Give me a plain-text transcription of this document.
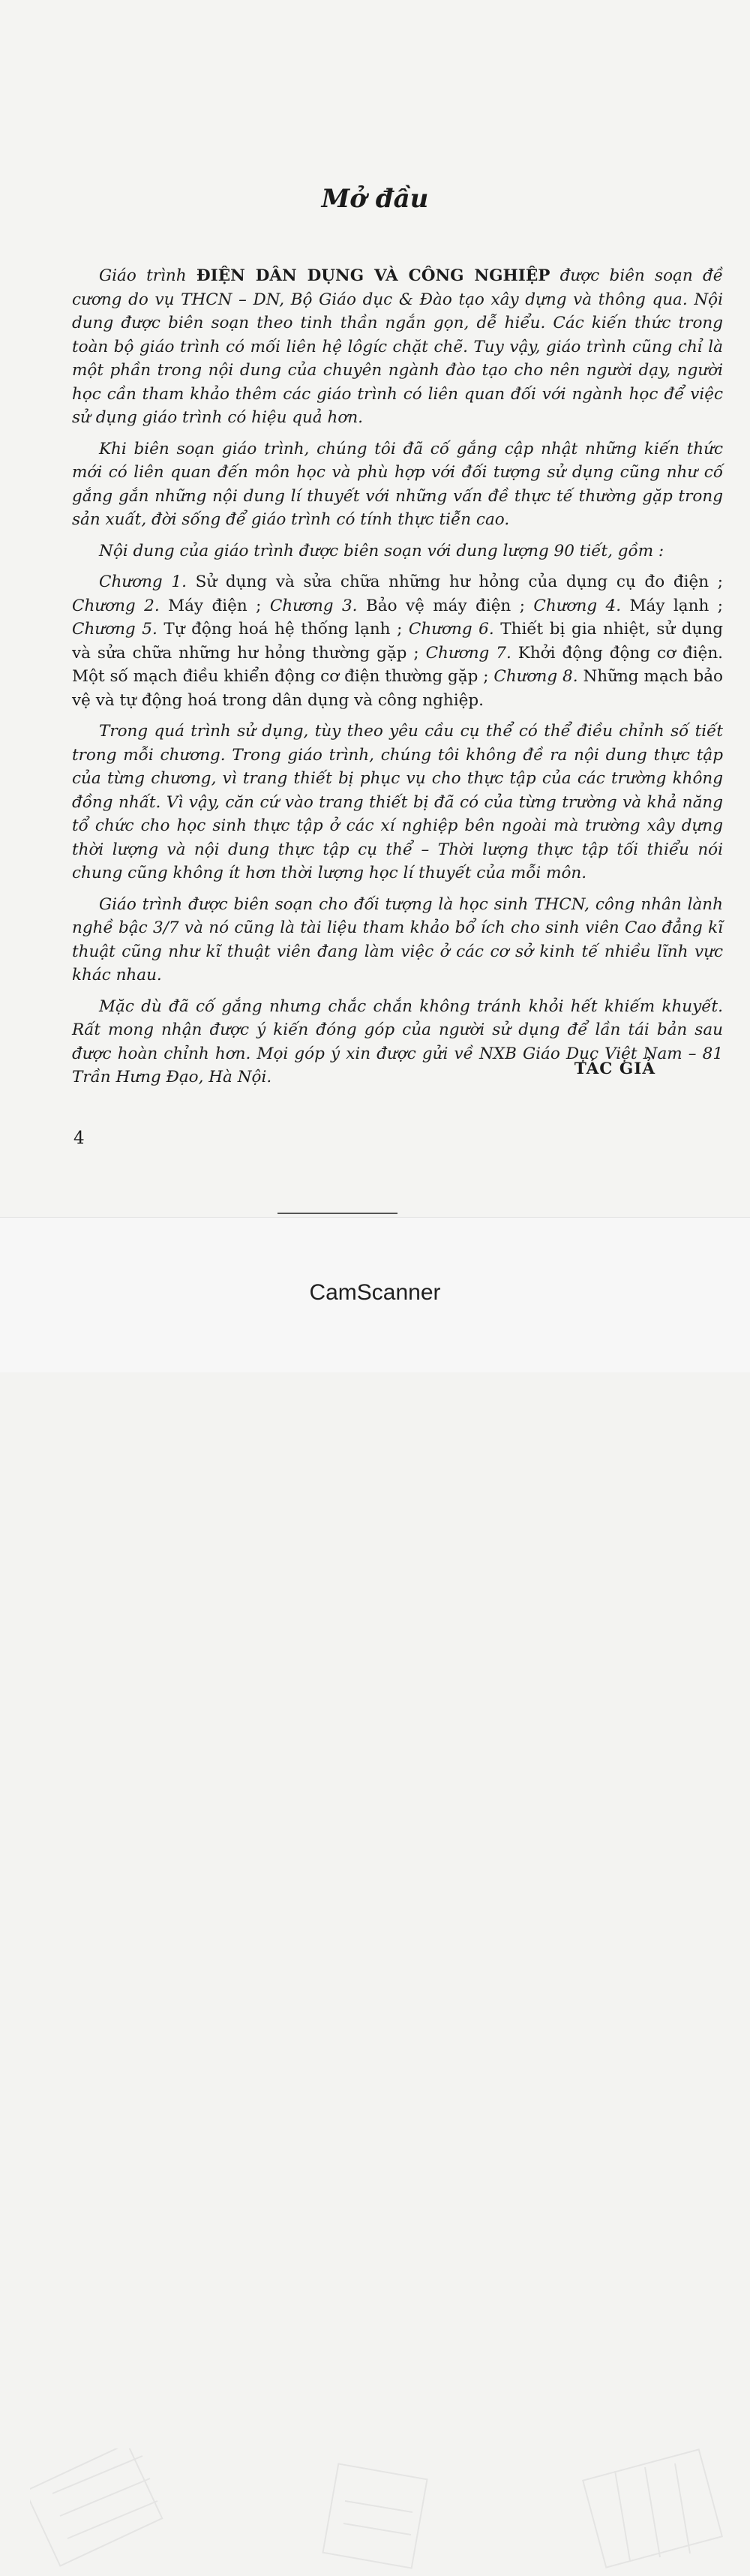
Mở đầu

Giáo trình ĐIỆN DÂN DỤNG VÀ CÔNG NGHIỆP được biên soạn đề cương do vụ THCN – DN, Bộ Giáo dục & Đào tạo xây dựng và thông qua. Nội dung được biên soạn theo tinh thần ngắn gọn, dễ hiểu. Các kiến thức trong toàn bộ giáo trình có mối liên hệ lôgíc chặt chẽ. Tuy vậy, giáo trình cũng chỉ là một phần trong nội dung của chuyên ngành đào tạo cho nên người dạy, người học cần tham khảo thêm các giáo trình có liên quan đối với ngành học để việc sử dụng giáo trình có hiệu quả hơn.

Khi biên soạn giáo trình, chúng tôi đã cố gắng cập nhật những kiến thức mới có liên quan đến môn học và phù hợp với đối tượng sử dụng cũng như cố gắng gắn những nội dung lí thuyết với những vấn đề thực tế thường gặp trong sản xuất, đời sống để giáo trình có tính thực tiễn cao.

Nội dung của giáo trình được biên soạn với dung lượng 90 tiết, gồm :

Chương 1. Sử dụng và sửa chữa những hư hỏng của dụng cụ đo điện ; Chương 2. Máy điện ; Chương 3. Bảo vệ máy điện ; Chương 4. Máy lạnh ; Chương 5. Tự động hoá hệ thống lạnh ; Chương 6. Thiết bị gia nhiệt, sử dụng và sửa chữa những hư hỏng thường gặp ; Chương 7. Khởi động động cơ điện. Một số mạch điều khiển động cơ điện thường gặp ; Chương 8. Những mạch bảo vệ và tự động hoá trong dân dụng và công nghiệp.

Trong quá trình sử dụng, tùy theo yêu cầu cụ thể có thể điều chỉnh số tiết trong mỗi chương. Trong giáo trình, chúng tôi không đề ra nội dung thực tập của từng chương, vì trang thiết bị phục vụ cho thực tập của các trường không đồng nhất. Vì vậy, căn cứ vào trang thiết bị đã có của từng trường và khả năng tổ chức cho học sinh thực tập ở các xí nghiệp bên ngoài mà trường xây dựng thời lượng và nội dung thực tập cụ thể – Thời lượng thực tập tối thiểu nói chung cũng không ít hơn thời lượng học lí thuyết của mỗi môn.

Giáo trình được biên soạn cho đối tượng là học sinh THCN, công nhân lành nghề bậc 3/7 và nó cũng là tài liệu tham khảo bổ ích cho sinh viên Cao đẳng kĩ thuật cũng như kĩ thuật viên đang làm việc ở các cơ sở kinh tế nhiều lĩnh vực khác nhau.

Mặc dù đã cố gắng nhưng chắc chắn không tránh khỏi hết khiếm khuyết. Rất mong nhận được ý kiến đóng góp của người sử dụng để lần tái bản sau được hoàn chỉnh hơn. Mọi góp ý xin được gửi về NXB Giáo Dục Việt Nam – 81 Trần Hưng Đạo, Hà Nội.	TÁC GIẢ
4
CamScanner
